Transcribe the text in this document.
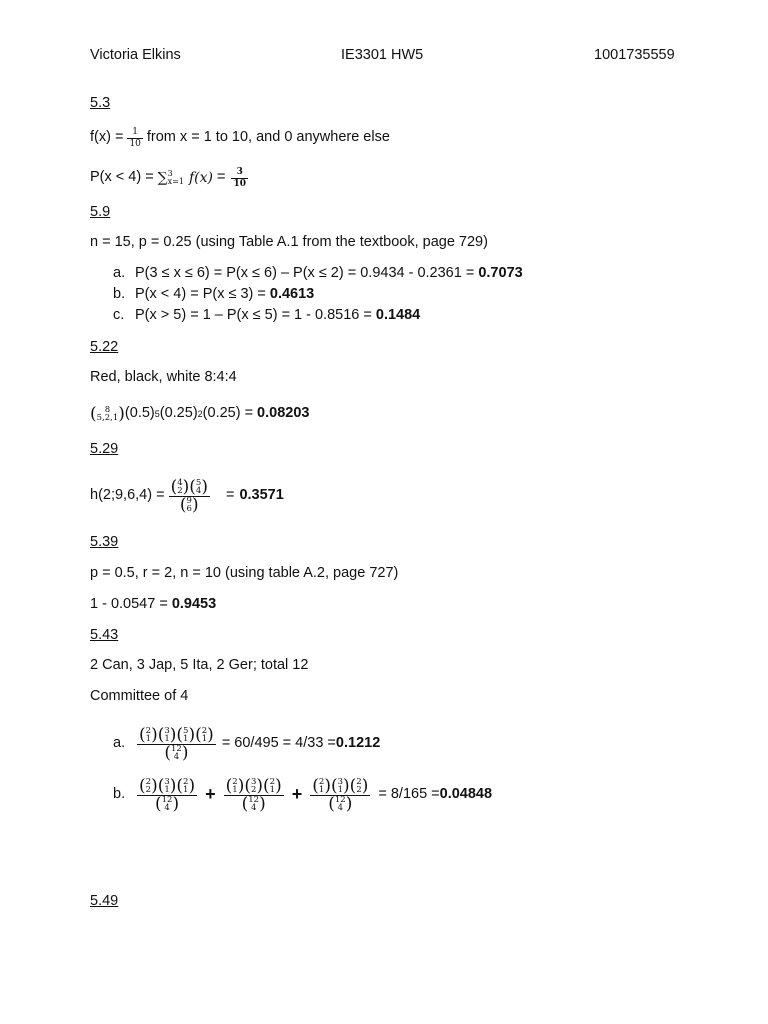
Victoria Elkins	IE3301 HW5	1001735559
5.3
$f(x) = \frac{1}{10}$ from x = 1 to 10, and 0 anywhere else
P(x < 4) = ∑ 3
x=1 $f(x) = \frac{3}{10}$
5.9
n = 15, p = 0.25 (using Table A.1 from the textbook, page 729)
a. P(3 ≤ x ≤ 6) = P(x ≤ 6) – P(x ≤ 2) = 0.9434 - 0.2361 = 0.7073
b. P(x < 4) = P(x ≤ 3) = 0.4613
c. P(x > 5) = 1 – P(x ≤ 5) = 1 - 0.8516 = 0.1484
5.22
Red, black, white 8:4:4
( 8
5,2,1 ) (0.5) 5 (0.25) 2 (0.25) = 0.08203
5.29
h(2;9,6,4) = ( 4
2 ) ( 5
4 )
( 9
6 ) = 0.3571
5.39
p = 0.5, r = 2, n = 10 (using table A.2, page 727)
1 - 0.0547 = 0.9453
5.43
2 Can, 3 Jap, 5 Ita, 2 Ger; total 12
Committee of 4
a. ( 2
1 ) ( 3
1 ) ( 5
1 ) ( 2
1 )
( 12
4 ) = 60/495 = 4/33 = 0.1212
b. ( 2
2 ) ( 3
1 ) ( 2
1 )
( 12
4 ) + ( 2
1 ) ( 3
2 ) ( 2
1 )
( 12
4 ) + ( 2
1 ) ( 3
1 ) ( 2
2 )
( 12
4 ) = 8/165 = 0.04848
5.49
